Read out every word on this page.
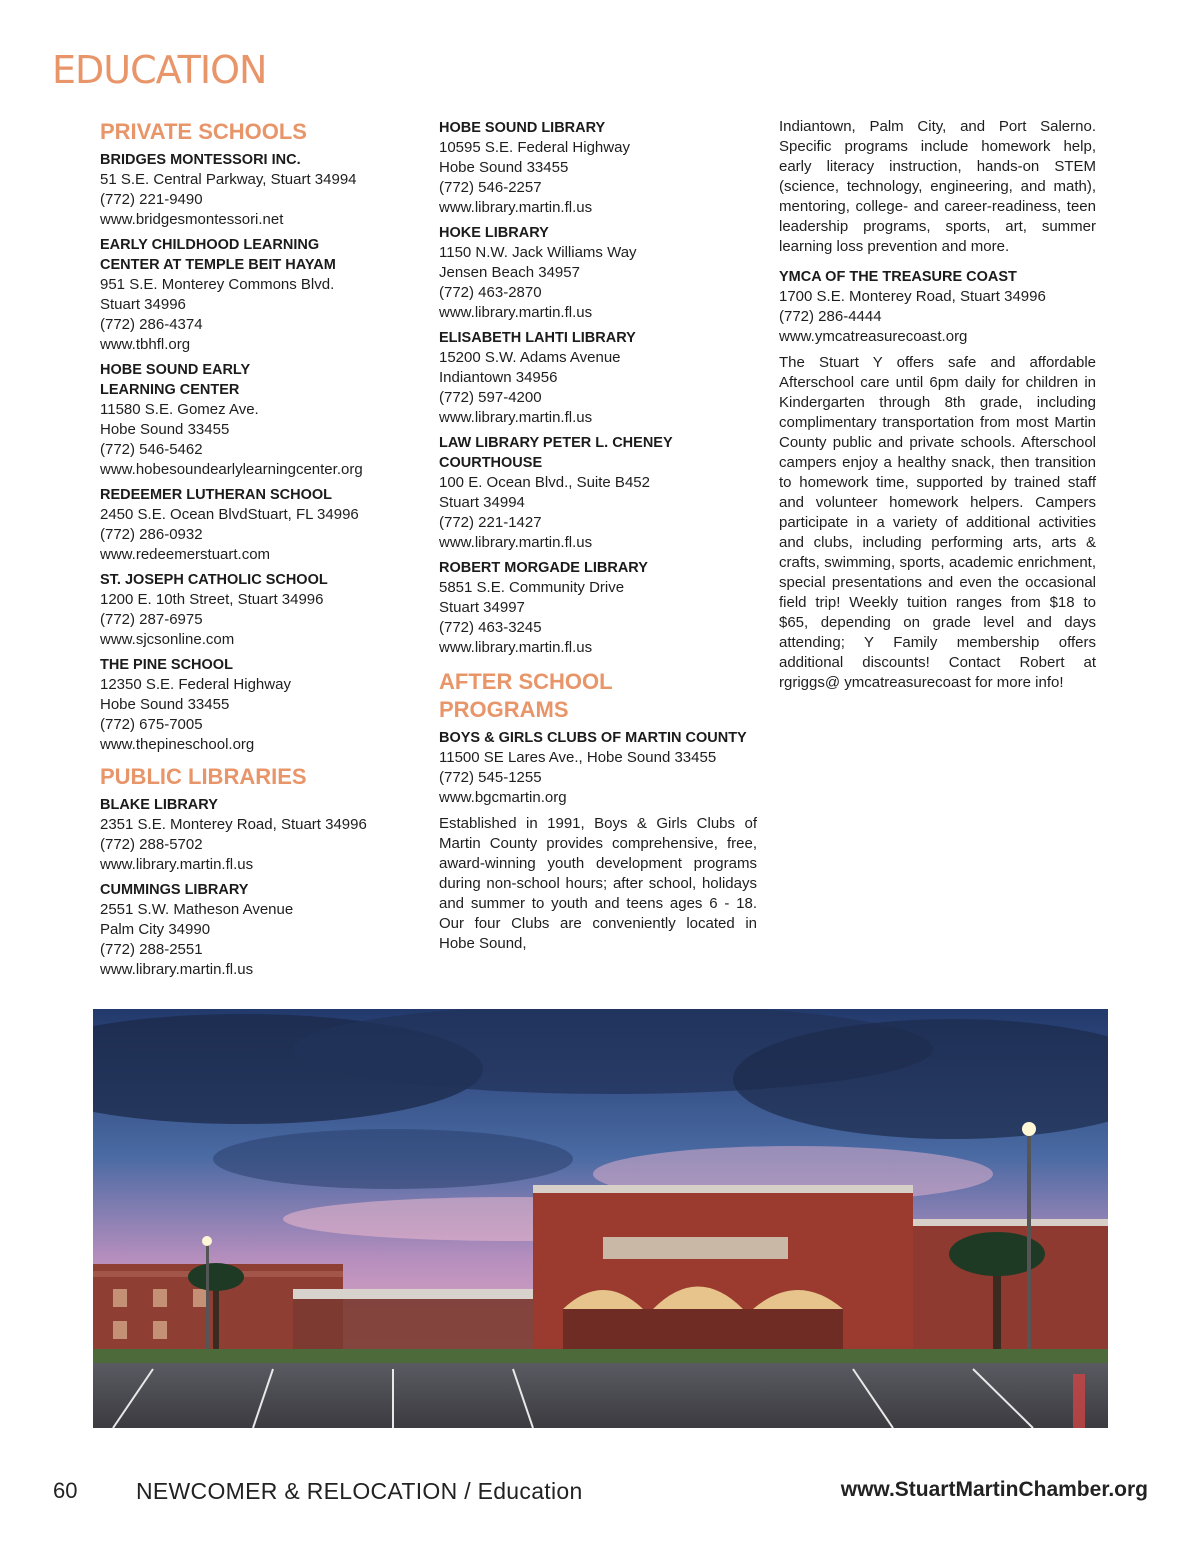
EDUCATION
PRIVATE SCHOOLS
BRIDGES MONTESSORI INC.
51 S.E. Central Parkway, Stuart 34994
(772) 221-9490
www.bridgesmontessori.net
EARLY CHILDHOOD LEARNING
CENTER AT TEMPLE BEIT HAYAM
951 S.E. Monterey Commons Blvd.
Stuart 34996
(772) 286-4374
www.tbhfl.org
HOBE SOUND EARLY
LEARNING CENTER
11580 S.E. Gomez Ave.
Hobe Sound 33455
(772) 546-5462
www.hobesoundearlylearningcenter.org
REDEEMER LUTHERAN SCHOOL
2450 S.E. Ocean BlvdStuart, FL 34996
(772) 286-0932
www.redeemerstuart.com
ST. JOSEPH CATHOLIC SCHOOL
1200 E. 10th Street, Stuart 34996
(772) 287-6975
www.sjcsonline.com
THE PINE SCHOOL
12350 S.E. Federal Highway
Hobe Sound 33455
(772) 675-7005
www.thepineschool.org
PUBLIC LIBRARIES
BLAKE LIBRARY
2351 S.E. Monterey Road, Stuart 34996
(772) 288-5702
www.library.martin.fl.us
CUMMINGS LIBRARY
2551 S.W. Matheson Avenue
Palm City 34990
(772) 288-2551
www.library.martin.fl.us
HOBE SOUND LIBRARY
10595 S.E. Federal Highway
Hobe Sound 33455
(772) 546-2257
www.library.martin.fl.us
HOKE LIBRARY
1150 N.W. Jack Williams Way
Jensen Beach 34957
(772) 463-2870
www.library.martin.fl.us
ELISABETH LAHTI LIBRARY
15200 S.W. Adams Avenue
Indiantown 34956
(772) 597-4200
www.library.martin.fl.us
LAW LIBRARY PETER L. CHENEY
COURTHOUSE
100 E. Ocean Blvd., Suite B452
Stuart 34994
(772) 221-1427
www.library.martin.fl.us
ROBERT MORGADE LIBRARY
5851 S.E. Community Drive
Stuart 34997
(772) 463-3245
www.library.martin.fl.us
AFTER SCHOOL
PROGRAMS
BOYS & GIRLS CLUBS OF MARTIN COUNTY
11500 SE Lares Ave., Hobe Sound 33455
(772) 545-1255
www.bgcmartin.org
Established in 1991, Boys & Girls Clubs of Martin County provides comprehensive, free, award-winning youth development programs during non-school hours; after school, holidays and summer to youth and teens ages 6 - 18. Our four Clubs are conveniently located in Hobe Sound,
Indiantown, Palm City, and Port Salerno. Specific programs include homework help, early literacy instruction, hands-on STEM (science, technology, engineering, and math), mentoring, college- and career-readiness, teen leadership programs, sports, art, summer learning loss prevention and more.
YMCA OF THE TREASURE COAST
1700 S.E. Monterey Road, Stuart 34996
(772) 286-4444
www.ymcatreasurecoast.org
The Stuart Y offers safe and affordable Afterschool care until 6pm daily for children in Kindergarten through 8th grade, including complimentary transportation from most Martin County public and private schools. Afterschool campers enjoy a healthy snack, then transition to homework time, supported by trained staff and volunteer homework helpers. Campers participate in a variety of additional activities and clubs, including performing arts, arts & crafts, swimming, sports, academic enrichment, special presentations and even the occasional field trip! Weekly tuition ranges from $18 to $65, depending on grade level and days attending; Y Family membership offers additional discounts! Contact Robert at rgriggs@ ymcatreasurecoast for more info!
60	NEWCOMER & RELOCATION / Education	www.StuartMartinChamber.org
